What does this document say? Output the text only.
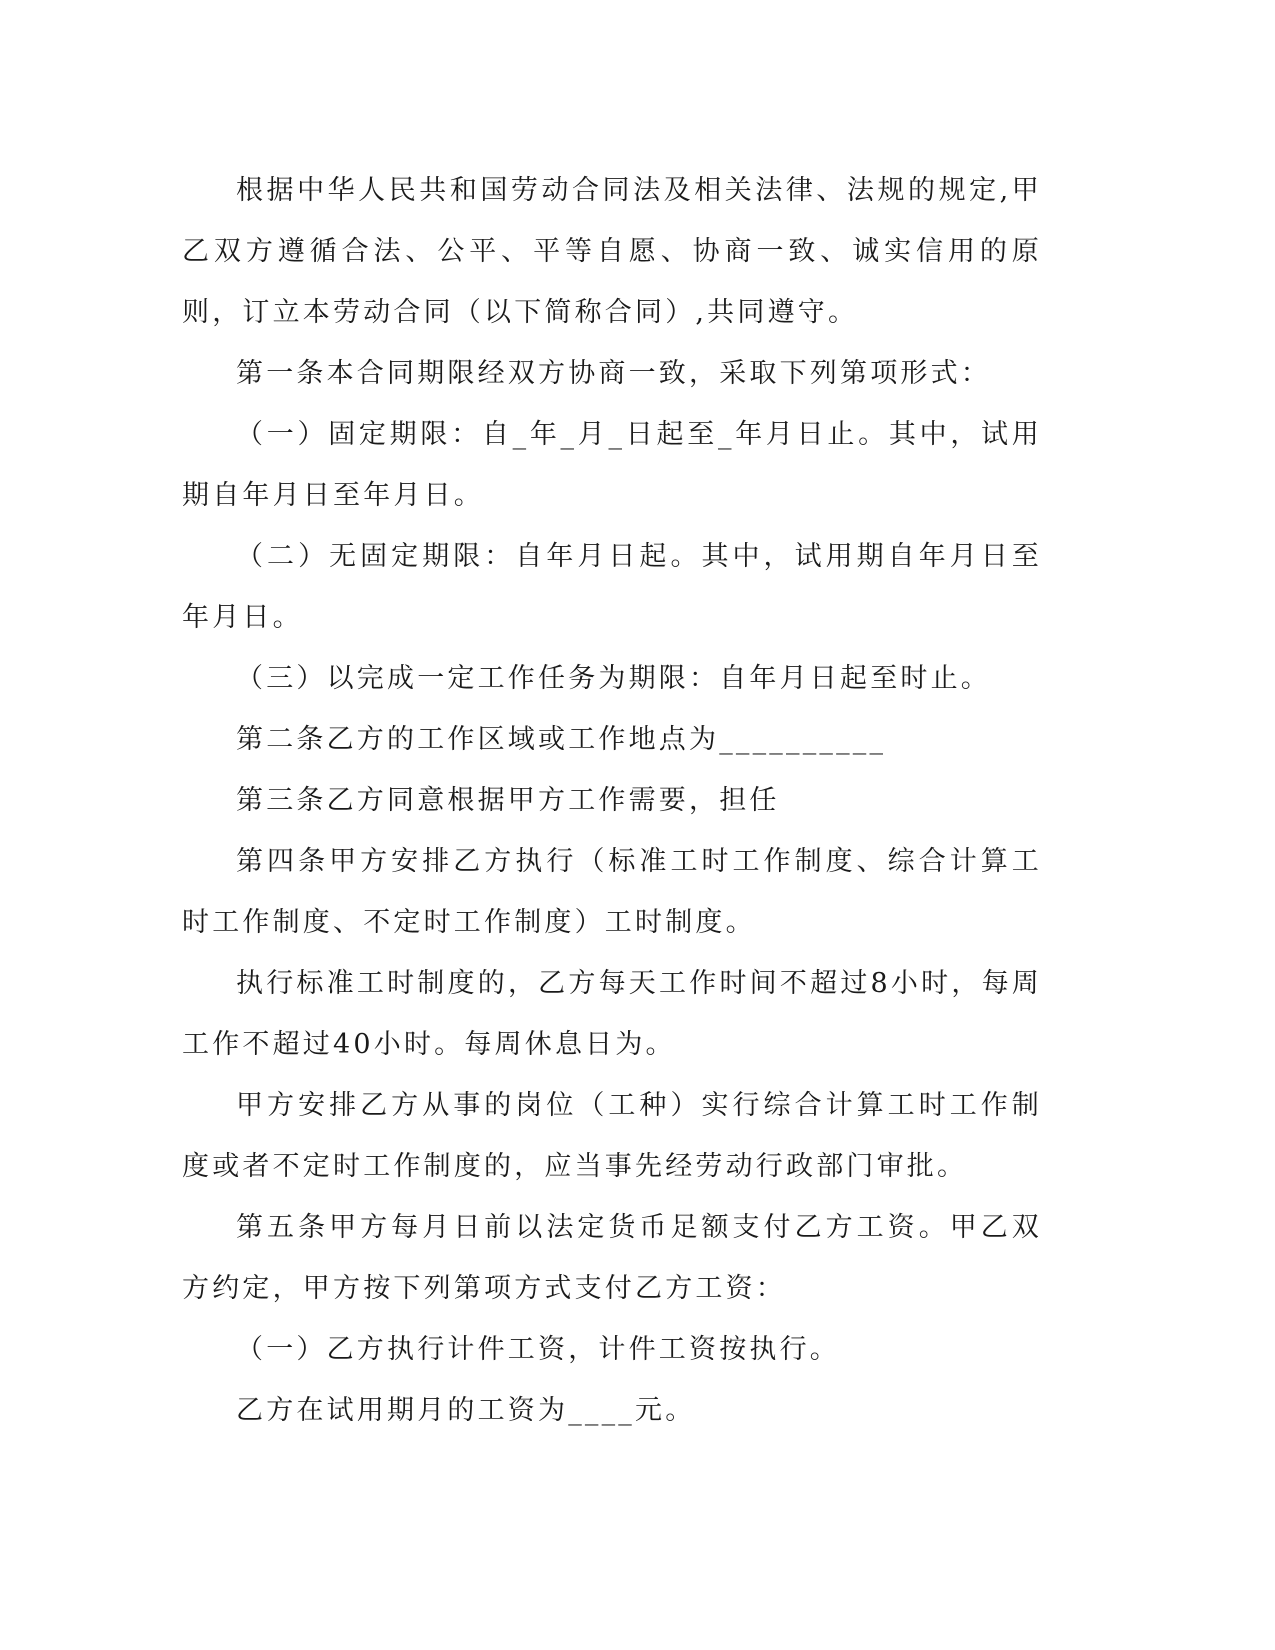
根据中华人民共和国劳动合同法及相关法律、法规的规定,甲乙双方遵循合法、公平、平等自愿、协商一致、诚实信用的原则，订立本劳动合同（以下简称合同）,共同遵守。

第一条本合同期限经双方协商一致，采取下列第项形式：

（一）固定期限：自_年_月_日起至_年月日止。其中，试用期自年月日至年月日。

（二）无固定期限：自年月日起。其中，试用期自年月日至年月日。

（三）以完成一定工作任务为期限：自年月日起至时止。

第二条乙方的工作区域或工作地点为__________

第三条乙方同意根据甲方工作需要，担任

第四条甲方安排乙方执行（标准工时工作制度、综合计算工时工作制度、不定时工作制度）工时制度。

执行标准工时制度的，乙方每天工作时间不超过8小时，每周工作不超过40小时。每周休息日为。

甲方安排乙方从事的岗位（工种）实行综合计算工时工作制度或者不定时工作制度的，应当事先经劳动行政部门审批。

第五条甲方每月日前以法定货币足额支付乙方工资。甲乙双方约定，甲方按下列第项方式支付乙方工资：

（一）乙方执行计件工资，计件工资按执行。

乙方在试用期月的工资为____元。
